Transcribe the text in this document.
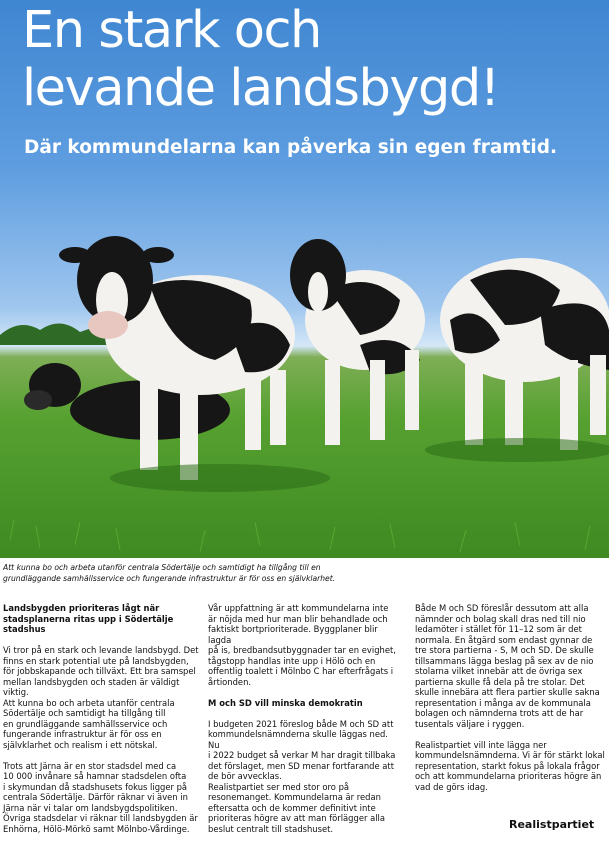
En stark och
levande landsbygd!

Där kommundelarna kan påverka sin egen framtid.

Att kunna bo och arbeta utanför centrala Södertälje och samtidigt ha tillgång till en
grundläggande samhällsservice och fungerande infrastruktur är för oss en självklarhet.

Landsbygden prioriteras lågt när
stadsplanerna ritas upp i Södertälje stadshus

Vi tror på en stark och levande landsbygd. Det
finns en stark potential ute på landsbygden,
för jobbskapande och tillväxt. Ett bra samspel
mellan landsbygden och staden är väldigt
viktig.
Att kunna bo och arbeta utanför centrala
Södertälje och samtidigt ha tillgång till
en grundläggande samhällsservice och
fungerande infrastruktur är för oss en
självklarhet och realism i ett nötskal.

Trots att Järna är en stor stadsdel med ca
10 000 invånare så hamnar stadsdelen ofta
i skymundan då stadshusets fokus ligger på
centrala Södertälje. Därför räknar vi även in
Järna när vi talar om landsbygdspolitiken.
Övriga stadsdelar vi räknar till landsbygden är
Enhörna, Hölö-Mörkö samt Mölnbo-Vårdinge.

Vår uppfattning är att kommundelarna inte
är nöjda med hur man blir behandlade och
faktiskt bortprioriterade. Byggplaner blir lagda
på is, bredbandsutbyggnader tar en evighet,
tågstopp handlas inte upp i Hölö och en
offentlig toalett i Mölnbo C har efterfrågats i
årtionden.

M och SD vill minska demokratin

I budgeten 2021 föreslog både M och SD att
kommundelsnämnderna skulle läggas ned. Nu
i 2022 budget så verkar M har dragit tillbaka
det förslaget, men SD menar fortfarande att
de bör avvecklas.
Realistpartiet ser med stor oro på
resonemanget. Kommundelarna är redan
eftersatta och de kommer definitivt inte
prioriteras högre av att man förlägger alla
beslut centralt till stadshuset.

Både M och SD föreslår dessutom att alla
nämnder och bolag skall dras ned till nio
ledamöter i stället för 11–12 som är det
normala. En åtgärd som endast gynnar de
tre stora partierna - S, M och SD. De skulle
tillsammans lägga beslag på sex av de nio
stolarna vilket innebär att de övriga sex
partierna skulle få dela på tre stolar. Det
skulle innebära att flera partier skulle sakna
representation i många av de kommunala
bolagen och nämnderna trots att de har
tusentals väljare i ryggen.

Realistpartiet vill inte lägga ner
kommundelsnämnderna. Vi är för stärkt lokal
representation, starkt fokus på lokala frågor
och att kommundelarna prioriteras högre än
vad de görs idag.

Realistpartiet
